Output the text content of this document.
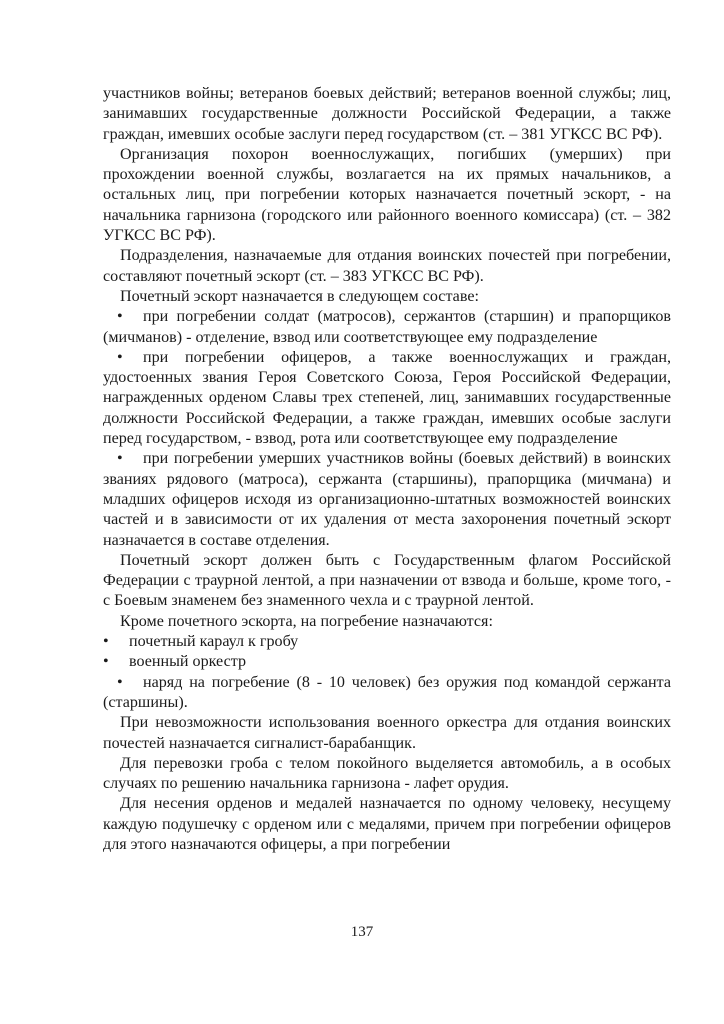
участников войны; ветеранов боевых действий; ветеранов военной службы; лиц, занимавших государственные должности Российской Федерации, а также граждан, имевших особые заслуги перед государством (ст. – 381 УГКСС ВС РФ).

Организация похорон военнослужащих, погибших (умерших) при прохождении военной службы, возлагается на их прямых начальников, а остальных лиц, при погребении которых назначается почетный эскорт, - на начальника гарнизона (городского или районного военного комиссара) (ст. – 382 УГКСС ВС РФ).

Подразделения, назначаемые для отдания воинских почестей при погребении, составляют почетный эскорт (ст. – 383 УГКСС ВС РФ).

Почетный эскорт назначается в следующем составе:

• при погребении солдат (матросов), сержантов (старшин) и прапорщиков (мичманов) - отделение, взвод или соответствующее ему подразделение

• при погребении офицеров, а также военнослужащих и граждан, удостоенных звания Героя Советского Союза, Героя Российской Федерации, награжденных орденом Славы трех степеней, лиц, занимавших государственные должности Российской Федерации, а также граждан, имевших особые заслуги перед государством, - взвод, рота или соответствующее ему подразделение

• при погребении умерших участников войны (боевых действий) в воинских званиях рядового (матроса), сержанта (старшины), прапорщика (мичмана) и младших офицеров исходя из организационно-штатных возможностей воинских частей и в зависимости от их удаления от места захоронения почетный эскорт назначается в составе отделения.

Почетный эскорт должен быть с Государственным флагом Российской Федерации с траурной лентой, а при назначении от взвода и больше, кроме того, - с Боевым знаменем без знаменного чехла и с траурной лентой.

Кроме почетного эскорта, на погребение назначаются:

• почетный караул к гробу

• военный оркестр

• наряд на погребение (8 - 10 человек) без оружия под командой сержанта (старшины).

При невозможности использования военного оркестра для отдания воинских почестей назначается сигналист-барабанщик.

Для перевозки гроба с телом покойного выделяется автомобиль, а в особых случаях по решению начальника гарнизона - лафет орудия.

Для несения орденов и медалей назначается по одному человеку, несущему каждую подушечку с орденом или с медалями, причем при погребении офицеров для этого назначаются офицеры, а при погребении

137
